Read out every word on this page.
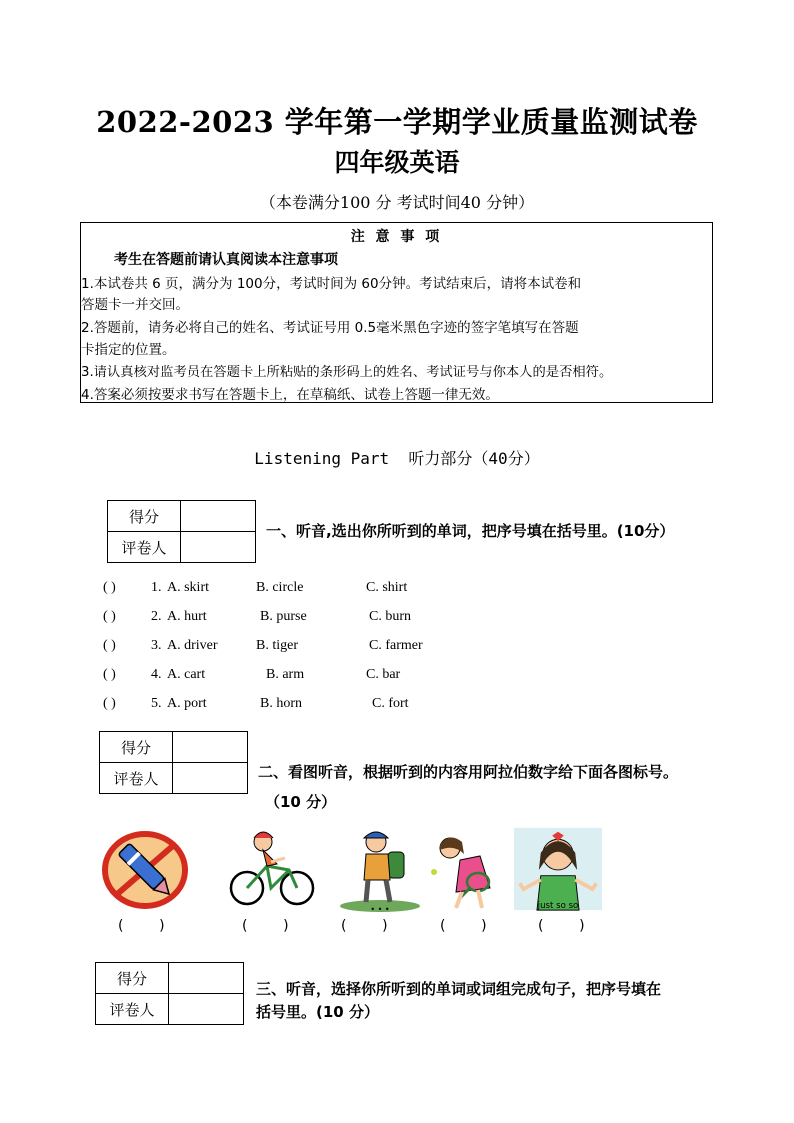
2022-2023 学年第一学期学业质量监测试卷
四年级英语
（本卷满分100 分 考试时间40 分钟）
注 意 事 项
考生在答题前请认真阅读本注意事项
1.本试卷共 6 页，满分为 100分，考试时间为 60分钟。考试结束后，请将本试卷和
答题卡一并交回。
2.答题前，请务必将自己的姓名、考试证号用 0.5毫米黑色字迹的签字笔填写在答题
卡指定的位置。
3.请认真核对监考员在答题卡上所粘贴的条形码上的姓名、考试证号与你本人的是否相符。
4.答案必须按要求书写在答题卡上，在草稿纸、试卷上答题一律无效。
Listening Part  听力部分（40分）
得分	
评卷人	
一、听音,选出你所听到的单词，把序号填在括号里。(10分）
( )	1. A. skirt	B. circle	C. shirt
( )	2. A. hurt	B. purse	C. burn
( )	3. A. driver	B. tiger	C. farmer
( )	4. A. cart	B. arm	C. bar
( )	5. A. port	B. horn	C. fort
得分	
评卷人		二、看图听音，根据听到的内容用阿拉伯数字给下面各图标号。
（10 分）
• • •	just so so
(        )	(        )	(        )	(        )	(        )
得分	
评卷人	
三、听音，选择你所听到的单词或词组完成句子，把序号填在
括号里。(10 分）
